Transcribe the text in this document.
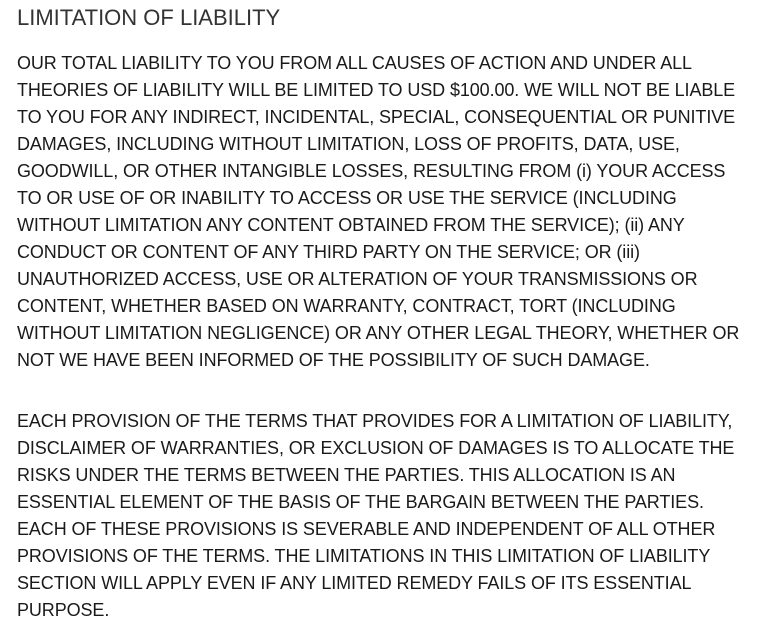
LIMITATION OF LIABILITY

OUR TOTAL LIABILITY TO YOU FROM ALL CAUSES OF ACTION AND UNDER ALL THEORIES OF LIABILITY WILL BE LIMITED TO USD $100.00. WE WILL NOT BE LIABLE TO YOU FOR ANY INDIRECT, INCIDENTAL, SPECIAL, CONSEQUENTIAL OR PUNITIVE DAMAGES, INCLUDING WITHOUT LIMITATION, LOSS OF PROFITS, DATA, USE, GOODWILL, OR OTHER INTANGIBLE LOSSES, RESULTING FROM (i) YOUR ACCESS TO OR USE OF OR INABILITY TO ACCESS OR USE THE SERVICE (INCLUDING WITHOUT LIMITATION ANY CONTENT OBTAINED FROM THE SERVICE); (ii) ANY CONDUCT OR CONTENT OF ANY THIRD PARTY ON THE SERVICE; OR (iii) UNAUTHORIZED ACCESS, USE OR ALTERATION OF YOUR TRANSMISSIONS OR CONTENT, WHETHER BASED ON WARRANTY, CONTRACT, TORT (INCLUDING WITHOUT LIMITATION NEGLIGENCE) OR ANY OTHER LEGAL THEORY, WHETHER OR NOT WE HAVE BEEN INFORMED OF THE POSSIBILITY OF SUCH DAMAGE.

EACH PROVISION OF THE TERMS THAT PROVIDES FOR A LIMITATION OF LIABILITY, DISCLAIMER OF WARRANTIES, OR EXCLUSION OF DAMAGES IS TO ALLOCATE THE RISKS UNDER THE TERMS BETWEEN THE PARTIES. THIS ALLOCATION IS AN ESSENTIAL ELEMENT OF THE BASIS OF THE BARGAIN BETWEEN THE PARTIES. EACH OF THESE PROVISIONS IS SEVERABLE AND INDEPENDENT OF ALL OTHER PROVISIONS OF THE TERMS. THE LIMITATIONS IN THIS LIMITATION OF LIABILITY SECTION WILL APPLY EVEN IF ANY LIMITED REMEDY FAILS OF ITS ESSENTIAL PURPOSE.
